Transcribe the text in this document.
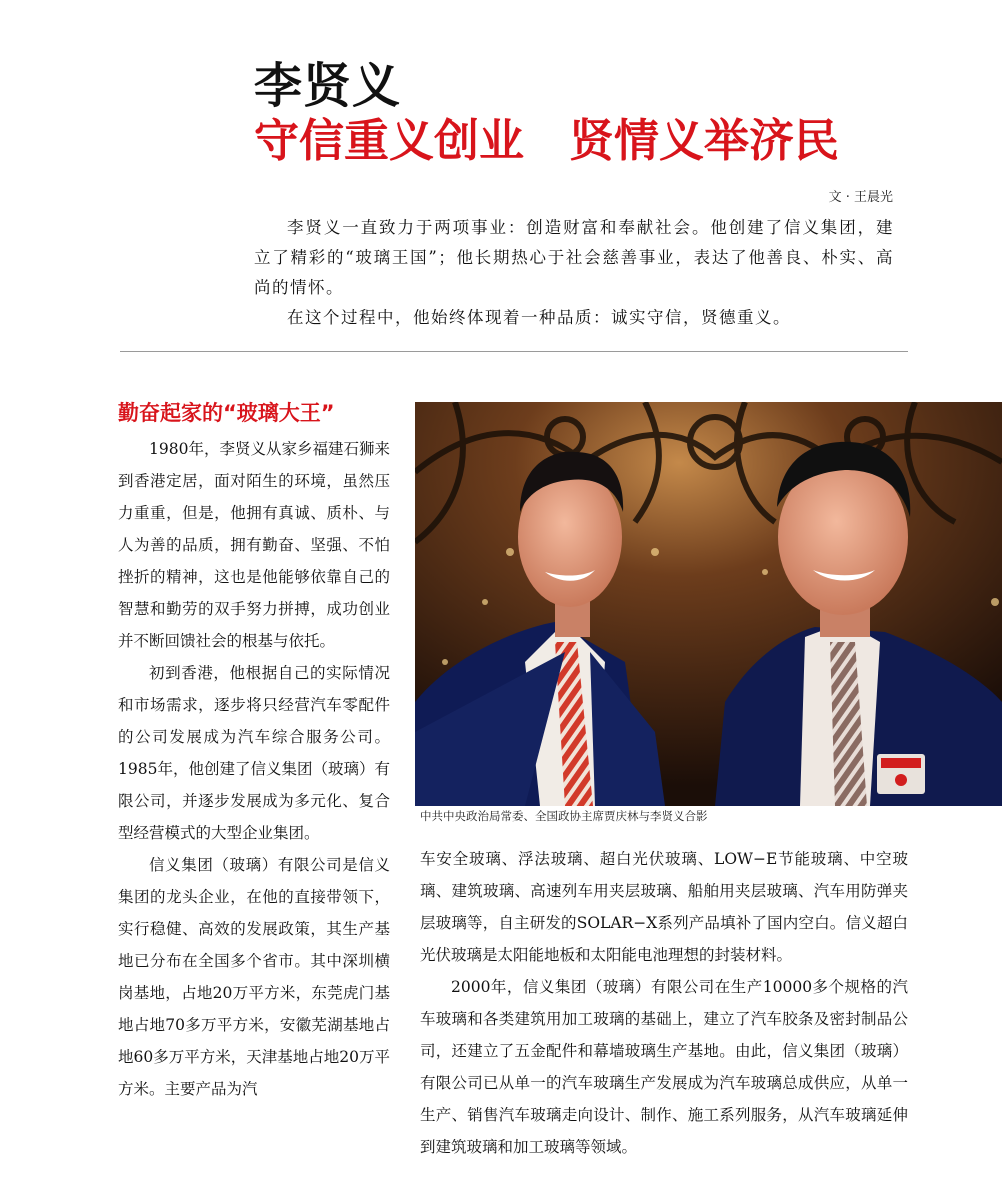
李贤义
守信重义创业　贤情义举济民
文 · 王晨光

李贤义一直致力于两项事业：创造财富和奉献社会。他创建了信义集团，建立了精彩的“玻璃王国”；他长期热心于社会慈善事业，表达了他善良、朴实、高尚的情怀。

在这个过程中，他始终体现着一种品质：诚实守信，贤德重义。

勤奋起家的“玻璃大王”

1980年，李贤义从家乡福建石狮来到香港定居，面对陌生的环境，虽然压力重重，但是，他拥有真诚、质朴、与人为善的品质，拥有勤奋、坚强、不怕挫折的精神，这也是他能够依靠自己的智慧和勤劳的双手努力拼搏，成功创业并不断回馈社会的根基与依托。

初到香港，他根据自己的实际情况和市场需求，逐步将只经营汽车零配件的公司发展成为汽车综合服务公司。1985年，他创建了信义集团（玻璃）有限公司，并逐步发展成为多元化、复合型经营模式的大型企业集团。

信义集团（玻璃）有限公司是信义集团的龙头企业，在他的直接带领下，实行稳健、高效的发展政策，其生产基地已分布在全国多个省市。其中深圳横岗基地，占地20万平方米，东莞虎门基地占地70多万平方米，安徽芜湖基地占地60多万平方米，天津基地占地20万平方米。主要产品为汽

中共中央政治局常委、全国政协主席贾庆林与李贤义合影

车安全玻璃、浮法玻璃、超白光伏玻璃、LOW−E节能玻璃、中空玻璃、建筑玻璃、高速列车用夹层玻璃、船舶用夹层玻璃、汽车用防弹夹层玻璃等，自主研发的SOLAR−X系列产品填补了国内空白。信义超白光伏玻璃是太阳能地板和太阳能电池理想的封装材料。

2000年，信义集团（玻璃）有限公司在生产10000多个规格的汽车玻璃和各类建筑用加工玻璃的基础上，建立了汽车胶条及密封制品公司，还建立了五金配件和幕墙玻璃生产基地。由此，信义集团（玻璃）有限公司已从单一的汽车玻璃生产发展成为汽车玻璃总成供应，从单一生产、销售汽车玻璃走向设计、制作、施工系列服务，从汽车玻璃延伸到建筑玻璃和加工玻璃等领域。
